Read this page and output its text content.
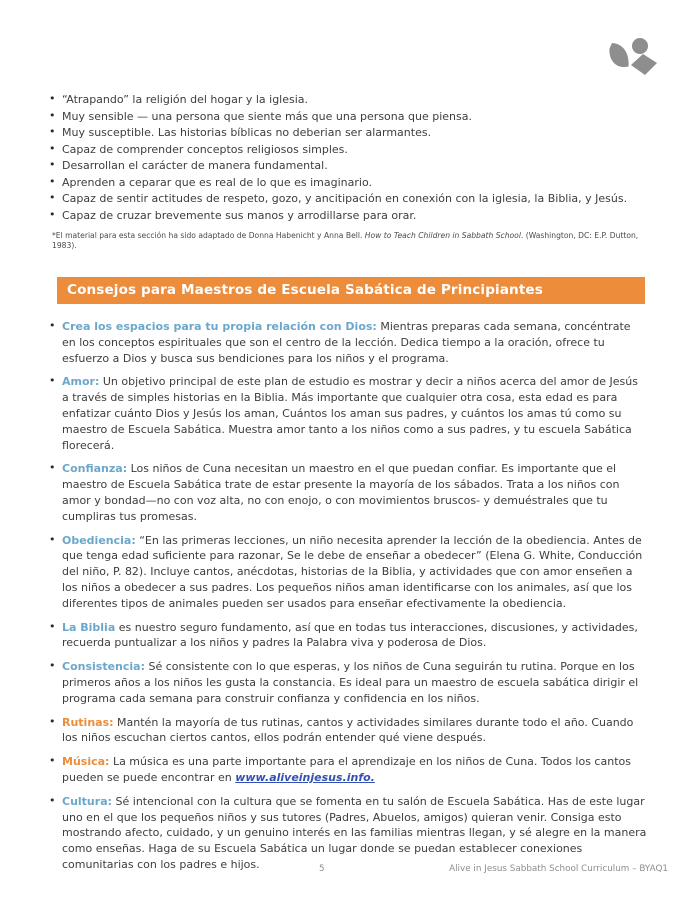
• “Atrapando” la religión del hogar y la iglesia.
• Muy sensible — una persona que siente más que una persona que piensa.
• Muy susceptible. Las historias bíblicas no deberian ser alarmantes.
• Capaz de comprender conceptos religiosos simples.
• Desarrollan el carácter de manera fundamental.
• Aprenden a ceparar que es real de lo que es imaginario.
• Capaz de sentir actitudes de respeto, gozo, y ancitipación en conexión con la iglesia, la Biblia, y Jesús.
• Capaz de cruzar brevemente sus manos y arrodillarse para orar.
*El material para esta sección ha sido adaptado de Donna Habenicht y Anna Bell. How to Teach Children in Sabbath School. (Washington, DC: E.P. Dutton, 1983).
Consejos para Maestros de Escuela Sabática de Principiantes
• Crea los espacios para tu propia relación con Dios: Mientras preparas cada semana, concéntrate en los conceptos espirituales que son el centro de la lección. Dedica tiempo a la oración, ofrece tu esfuerzo a Dios y busca sus bendiciones para los niños y el programa.
• Amor: Un objetivo principal de este plan de estudio es mostrar y decir a niños acerca del amor de Jesús a través de simples historias en la Biblia. Más importante que cualquier otra cosa, esta edad es para enfatizar cuánto Dios y Jesús los aman, Cuántos los aman sus padres, y cuántos los amas tú como su maestro de Escuela Sabática. Muestra amor tanto a los niños como a sus padres, y tu escuela Sabática florecerá.
• Confianza: Los niños de Cuna necesitan un maestro en el que puedan confiar. Es importante que el maestro de Escuela Sabática trate de estar presente la mayoría de los sábados. Trata a los niños con amor y bondad—no con voz alta, no con enojo, o con movimientos bruscos- y demuéstrales que tu cumpliras tus promesas.
• Obediencia: “En las primeras lecciones, un niño necesita aprender la lección de la obediencia. Antes de que tenga edad suficiente para razonar, Se le debe de enseñar a obedecer” (Elena G. White, Conducción del niño, P. 82). Incluye cantos, anécdotas, historias de la Biblia, y actividades que con amor enseñen a los niños a obedecer a sus padres. Los pequeños niños aman identificarse con los animales, así que los diferentes tipos de animales pueden ser usados para enseñar efectivamente la obediencia.
• La Biblia es nuestro seguro fundamento, así que en todas tus interacciones, discusiones, y actividades, recuerda puntualizar a los niños y padres la Palabra viva y poderosa de Dios.
• Consistencia: Sé consistente con lo que esperas, y los niños de Cuna seguirán tu rutina. Porque en los primeros años a los niños les gusta la constancia. Es ideal para un maestro de escuela sabática dirigir el programa cada semana para construir confianza y confidencia en los niños.
• Rutinas: Mantén la mayoría de tus rutinas, cantos y actividades similares durante todo el año. Cuando los niños escuchan ciertos cantos, ellos podrán entender qué viene después.
• Música: La música es una parte importante para el aprendizaje en los niños de Cuna. Todos los cantos pueden se puede encontrar en www.aliveinjesus.info.
• Cultura: Sé intencional con la cultura que se fomenta en tu salón de Escuela Sabática. Has de este lugar uno en el que los pequeños niños y sus tutores (Padres, Abuelos, amigos) quieran venir. Consiga esto mostrando afecto, cuidado, y un genuino interés en las familias mientras llegan, y sé alegre en la manera como enseñas. Haga de su Escuela Sabática un lugar donde se puedan establecer conexiones comunitarias con los padres e hijos.	5	Alive in Jesus Sabbath School Curriculum – BYAQ1
